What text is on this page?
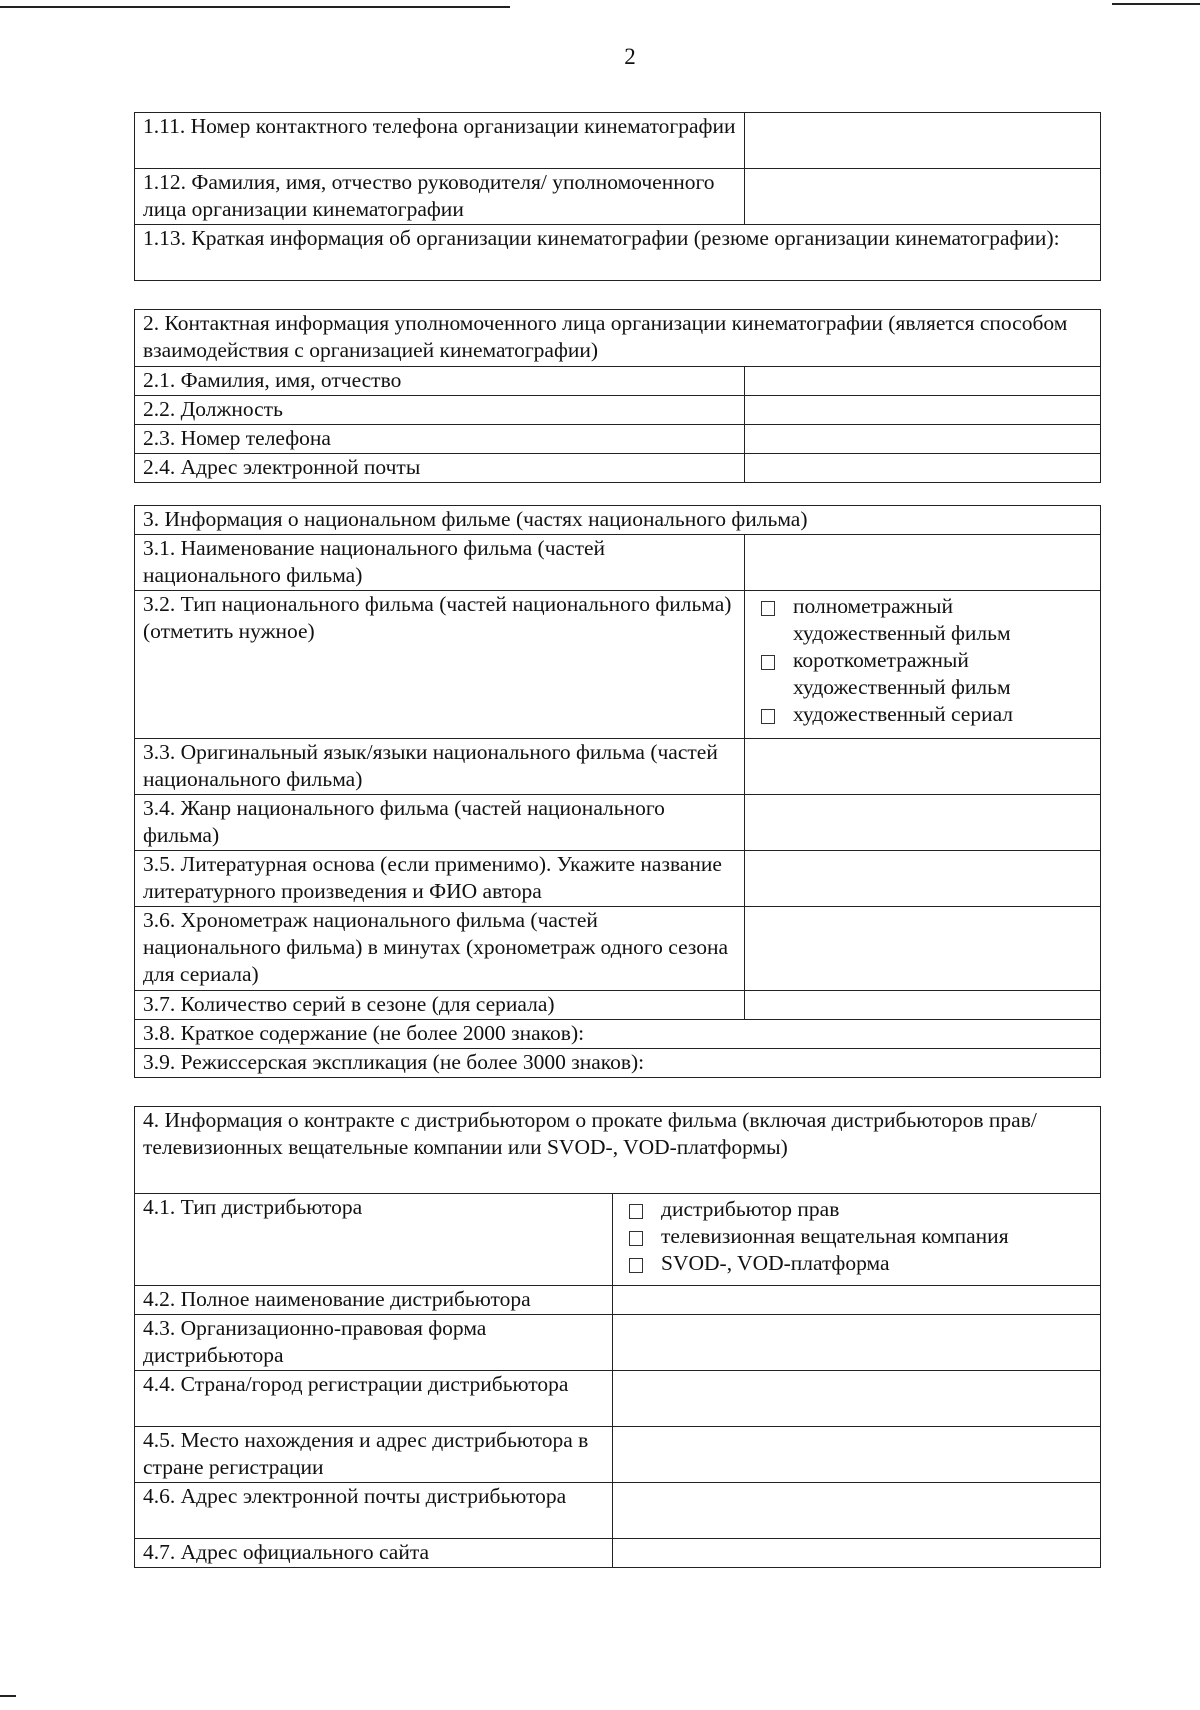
2
1.11. Номер контактного телефона организации кинематографии	
1.12. Фамилия, имя, отчество руководителя/ уполномоченного лица организации кинематографии	
1.13. Краткая информация об организации кинематографии (резюме организации кинематографии):	
2. Контактная информация уполномоченного лица организации кинематографии (является способом взаимодействия с организацией кинематографии)	
2.1. Фамилия, имя, отчество	
2.2. Должность	
2.3. Номер телефона	
2.4. Адрес электронной почты	
3. Информация о национальном фильме (частях национального фильма)	
3.1. Наименование национального фильма (частей национального фильма)	
3.2. Тип национального фильма (частей национального фильма) (отметить нужное)	полнометражный художественный фильм
короткометражный художественный фильм
художественный сериал

3.3. Оригинальный язык/языки национального фильма (частей национального фильма)	
3.4. Жанр национального фильма (частей национального фильма)	
3.5. Литературная основа (если применимо). Укажите название литературного произведения и ФИО автора	
3.6. Хронометраж национального фильма (частей национального фильма) в минутах (хронометраж одного сезона для сериала)	
3.7. Количество серий в сезоне (для сериала)	
3.8. Краткое содержание (не более 2000 знаков):	
3.9. Режиссерская экспликация (не более 3000 знаков):	
4. Информация о контракте с дистрибьютором о прокате фильма (включая дистрибьюторов прав/телевизионных вещательные компании или SVOD-, VOD-платформы)	
4.1. Тип дистрибьютора	дистрибьютор прав
телевизионная вещательная компания
SVOD-, VOD-платформа

4.2. Полное наименование дистрибьютора	
4.3. Организационно-правовая форма дистрибьютора	
4.4. Страна/город регистрации дистрибьютора	
4.5. Место нахождения и адрес дистрибьютора в стране регистрации	
4.6. Адрес электронной почты дистрибьютора	
4.7. Адрес официального сайта	
